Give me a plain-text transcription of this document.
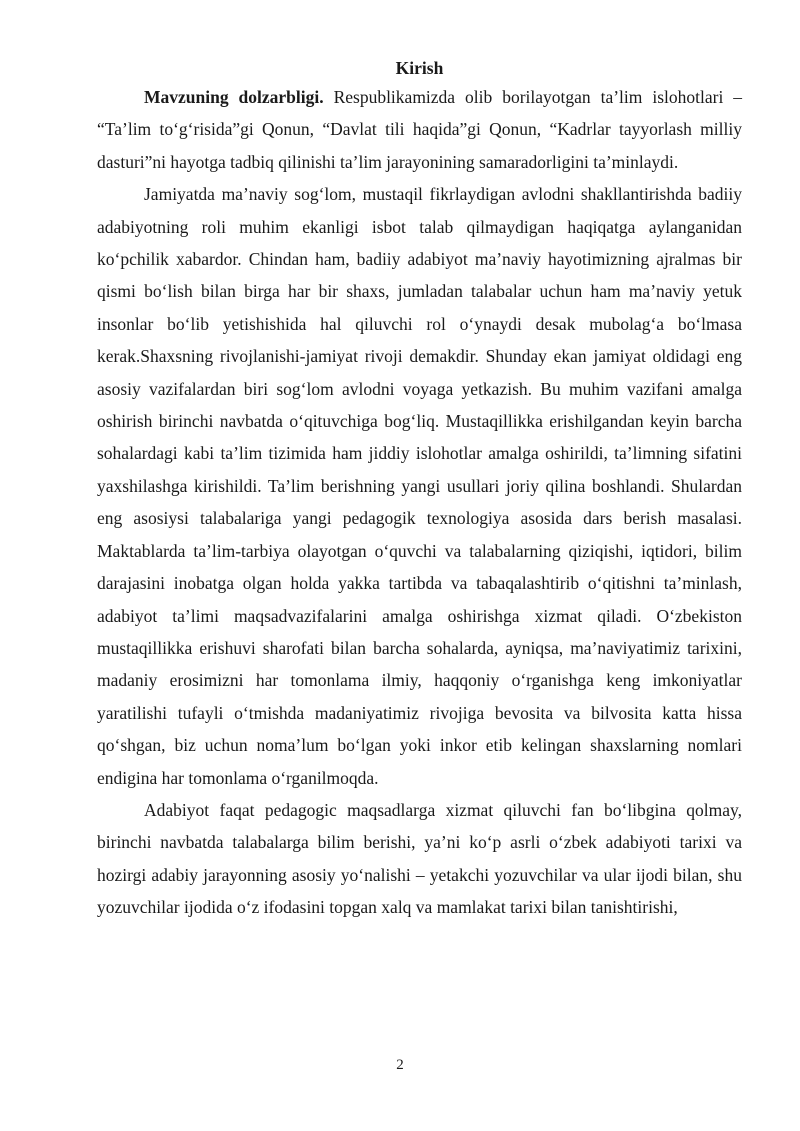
Kirish

Mavzuning dolzarbligi. Respublikamizda olib borilayotgan ta’lim islohotlari – “Ta’lim to‘g‘risida”gi Qonun, “Davlat tili haqida”gi Qonun, “Kadrlar tayyorlash milliy dasturi”ni hayotga tadbiq qilinishi ta’lim jarayonining samaradorligini ta’minlaydi.

Jamiyatda ma’naviy sog‘lom, mustaqil fikrlaydigan avlodni shakllantirishda badiiy adabiyotning roli muhim ekanligi isbot talab qilmaydigan haqiqatga aylanganidan ko‘pchilik xabardor. Chindan ham, badiiy adabiyot ma’naviy hayotimizning ajralmas bir qismi bo‘lish bilan birga har bir shaxs, jumladan talabalar uchun ham ma’naviy yetuk insonlar bo‘lib yetishishida hal qiluvchi rol o‘ynaydi desak mubolag‘a bo‘lmasa kerak.Shaxsning rivojlanishi-jamiyat rivoji demakdir. Shunday ekan jamiyat oldidagi eng asosiy vazifalardan biri sog‘lom avlodni voyaga yetkazish. Bu muhim vazifani amalga oshirish birinchi navbatda o‘qituvchiga bog‘liq. Mustaqillikka erishilgandan keyin barcha sohalardagi kabi ta’lim tizimida ham jiddiy islohotlar amalga oshirildi, ta’limning sifatini yaxshilashga kirishildi. Ta’lim berishning yangi usullari joriy qilina boshlandi. Shulardan eng asosiysi talabalariga yangi pedagogik texnologiya asosida dars berish masalasi. Maktablarda ta’lim-tarbiya olayotgan o‘quvchi va talabalarning qiziqishi, iqtidori, bilim darajasini inobatga olgan holda yakka tartibda va tabaqalashtirib o‘qitishni ta’minlash, adabiyot ta’limi maqsadvazifalarini amalga oshirishga xizmat qiladi. O‘zbekiston mustaqillikka erishuvi sharofati bilan barcha sohalarda, ayniqsa, ma’naviyatimiz tarixini, madaniy erosimizni har tomonlama ilmiy, haqqoniy o‘rganishga keng imkoniyatlar yaratilishi tufayli o‘tmishda madaniyatimiz rivojiga bevosita va bilvosita katta hissa qo‘shgan, biz uchun noma’lum bo‘lgan yoki inkor etib kelingan shaxslarning nomlari endigina har tomonlama o‘rganilmoqda.

Adabiyot faqat pedagogic maqsadlarga xizmat qiluvchi fan bo‘libgina qolmay, birinchi navbatda talabalarga bilim berishi, ya’ni ko‘p asrli o‘zbek adabiyoti tarixi va hozirgi adabiy jarayonning asosiy yo‘nalishi – yetakchi yozuvchilar va ular ijodi bilan, shu yozuvchilar ijodida o‘z ifodasini topgan xalq va mamlakat tarixi bilan tanishtirishi,

2
